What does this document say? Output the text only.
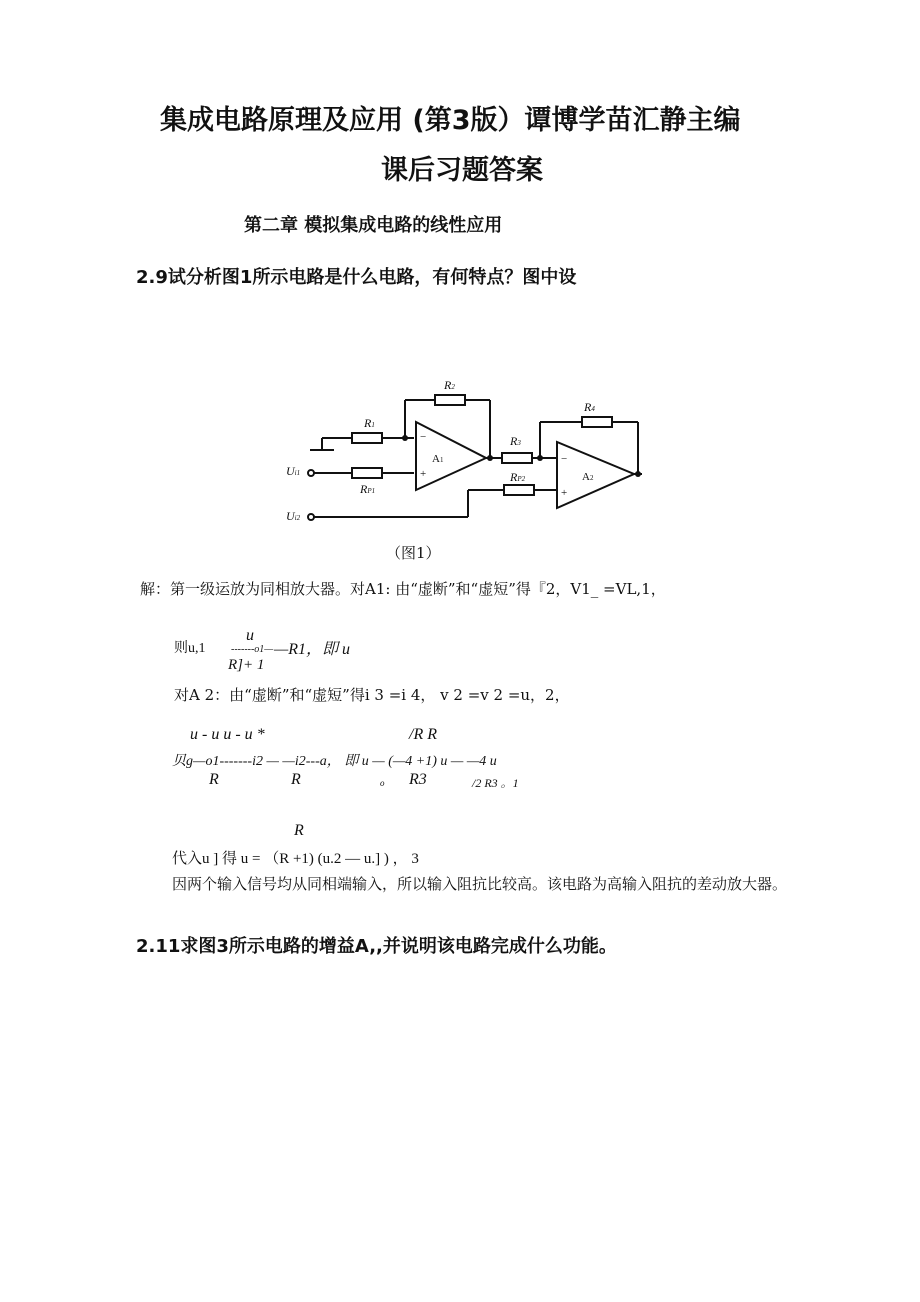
集成电路原理及应用 (第3版）谭博学苗汇静主编
课后习题答案
第二章 模拟集成电路的线性应用
2.9试分析图1所示电路是什么电路，有何特点？图中设
R2
R1
RP1
R3
R4
RP2
Ui1
Ui2
A1
A2
−
+
−
+
（图1）
解：第一级运放为同相放大器。对A1: 由“虚断”和“虚短”得『2，V1_ =VL,1，
则u,1
u
-------o1— —R1，即 u
R]+ 1
对A 2：由“虚断”和“虚短”得i 3 =i 4， v 2 =v 2 =u，2，
u - u u - u *	/R R
贝g—o1-------i2 — —i2---a， 即 u — (—4 +1) u — —4 u
R	R	o R3	/2 R3 。1
R
代入u ] 得 u = （R +1) (u.2 — u.] ) ， 3
因两个输入信号均从同相端输入，所以输入阻抗比较高。该电路为高输入阻抗的差动放大器。
2.11求图3所示电路的增益A,,并说明该电路完成什么功能。
